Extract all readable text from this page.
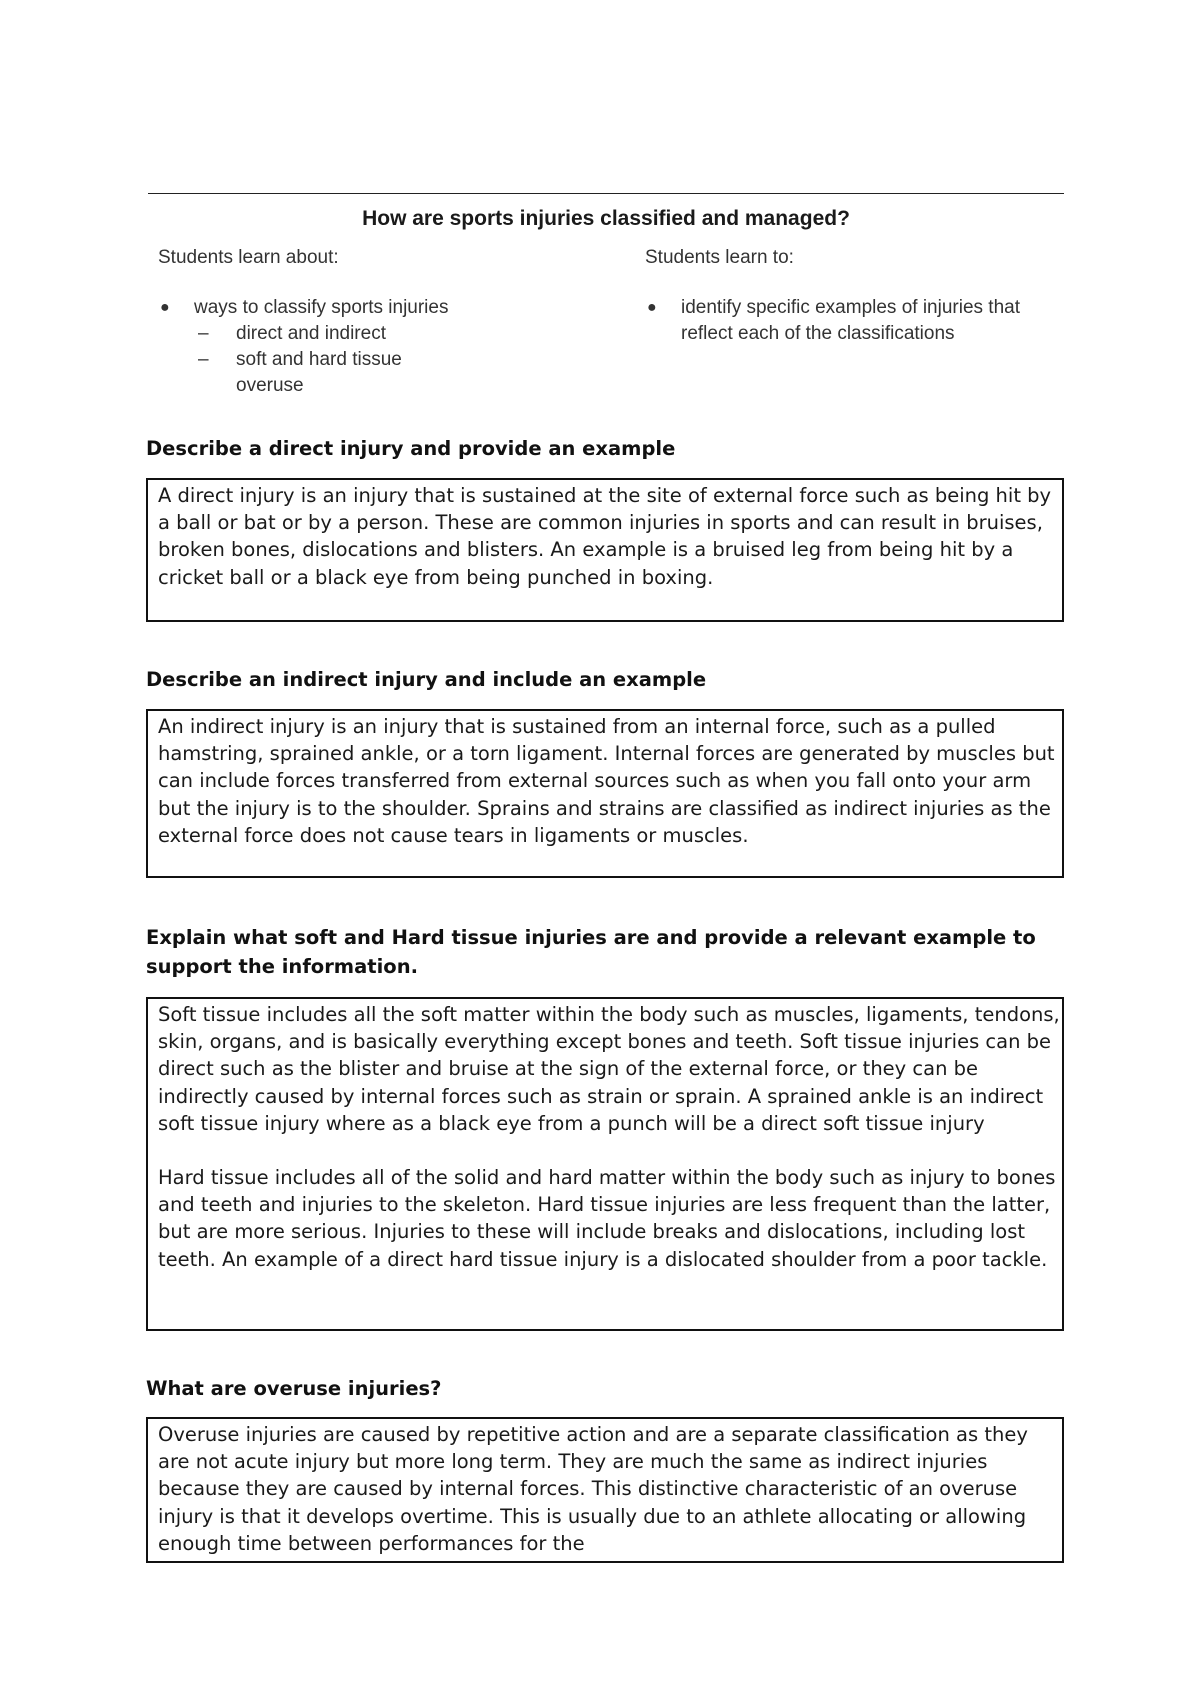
How are sports injuries classified and managed?
Students learn about:
● ways to classify sports injuries
– direct and indirect
– soft and hard tissue
overuse
Students learn to:
● identify specific examples of injuries that reflect each of the classifications
Describe a direct injury and provide an example

A direct injury is an injury that is sustained at the site of external force such as being hit by a ball or bat or by a person. These are common injuries in sports and can result in bruises, broken bones, dislocations and blisters. An example is a bruised leg from being hit by a cricket ball or a black eye from being punched in boxing.

Describe an indirect injury and include an example

An indirect injury is an injury that is sustained from an internal force, such as a pulled hamstring, sprained ankle, or a torn ligament. Internal forces are generated by muscles but can include forces transferred from external sources such as when you fall onto your arm but the injury is to the shoulder. Sprains and strains are classified as indirect injuries as the external force does not cause tears in ligaments or muscles.

Explain what soft and Hard tissue injuries are and provide a relevant example to support the information.

Soft tissue includes all the soft matter within the body such as muscles, ligaments, tendons, skin, organs, and is basically everything except bones and teeth. Soft tissue injuries can be direct such as the blister and bruise at the sign of the external force, or they can be indirectly caused by internal forces such as strain or sprain. A sprained ankle is an indirect soft tissue injury where as a black eye from a punch will be a direct soft tissue injury

Hard tissue includes all of the solid and hard matter within the body such as injury to bones and teeth and injuries to the skeleton. Hard tissue injuries are less frequent than the latter, but are more serious. Injuries to these will include breaks and dislocations, including lost teeth. An example of a direct hard tissue injury is a dislocated shoulder from a poor tackle.

What are overuse injuries?

Overuse injuries are caused by repetitive action and are a separate classification as they are not acute injury but more long term. They are much the same as indirect injuries because they are caused by internal forces. This distinctive characteristic of an overuse injury is that it develops overtime. This is usually due to an athlete allocating or allowing enough time between performances for the
